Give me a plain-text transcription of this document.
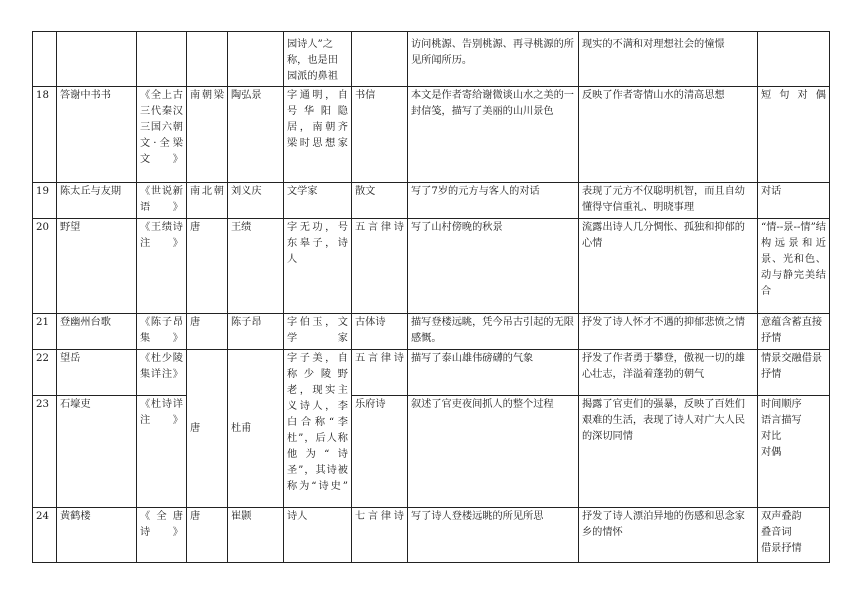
					园诗人”之称，也是田园派的鼻祖		访问桃源、告别桃源、再寻桃源的所见所闻所历。	现实的不满和对理想社会的憧憬	
18	答谢中书书	《全上古三代秦汉三国六朝文·全梁文》	南朝梁	陶弘景	字通明，自号华阳隐居，南朝齐梁时思想家	书信	本文是作者寄给谢微谈山水之美的一封信笺，描写了美丽的山川景色	反映了作者寄情山水的清高思想	短句对偶
19	陈太丘与友期	《世说新语》	南北朝	刘义庆	文学家	散文	写了7岁的元方与客人的对话	表现了元方不仅聪明机智，而且自幼懂得守信重礼、明晓事理	对话
20	野望	《王绩诗注》	唐	王绩	字无功，号东皋子，诗人	五言律诗	写了山村傍晚的秋景	流露出诗人几分惆怅、孤独和抑郁的心情	“情--景--情”结构远景和近景、光和色、动与静完美结合
21	登幽州台歌	《陈子昂集》	唐	陈子昂	字伯玉，文学家	古体诗	描写登楼远眺，凭今吊古引起的无限感慨。	抒发了诗人怀才不遇的抑郁悲愤之情	意蕴含蓄直接抒情
22	望岳	《杜少陵集详注》	唐	杜甫	字子美，自称少陵野老，现实主义诗人，李白合称“李杜”，后人称他为“诗圣”，其诗被称为“诗史”	五言律诗	描写了泰山雄伟磅礴的气象	抒发了作者勇于攀登，傲视一切的雄心壮志，洋溢着蓬勃的朝气	情景交融借景抒情
23	石壕吏	《杜诗详注》				乐府诗	叙述了官吏夜间抓人的整个过程	揭露了官吏们的强暴，反映了百姓们艰难的生活，表现了诗人对广大人民的深切同情	时间顺序
语言描写
对比
对偶
24	黄鹤楼	《全唐诗》	唐	崔颢	诗人	七言律诗	写了诗人登楼远眺的所见所思	抒发了诗人漂泊异地的伤感和思念家乡的情怀	双声叠韵
叠音词
借景抒情
